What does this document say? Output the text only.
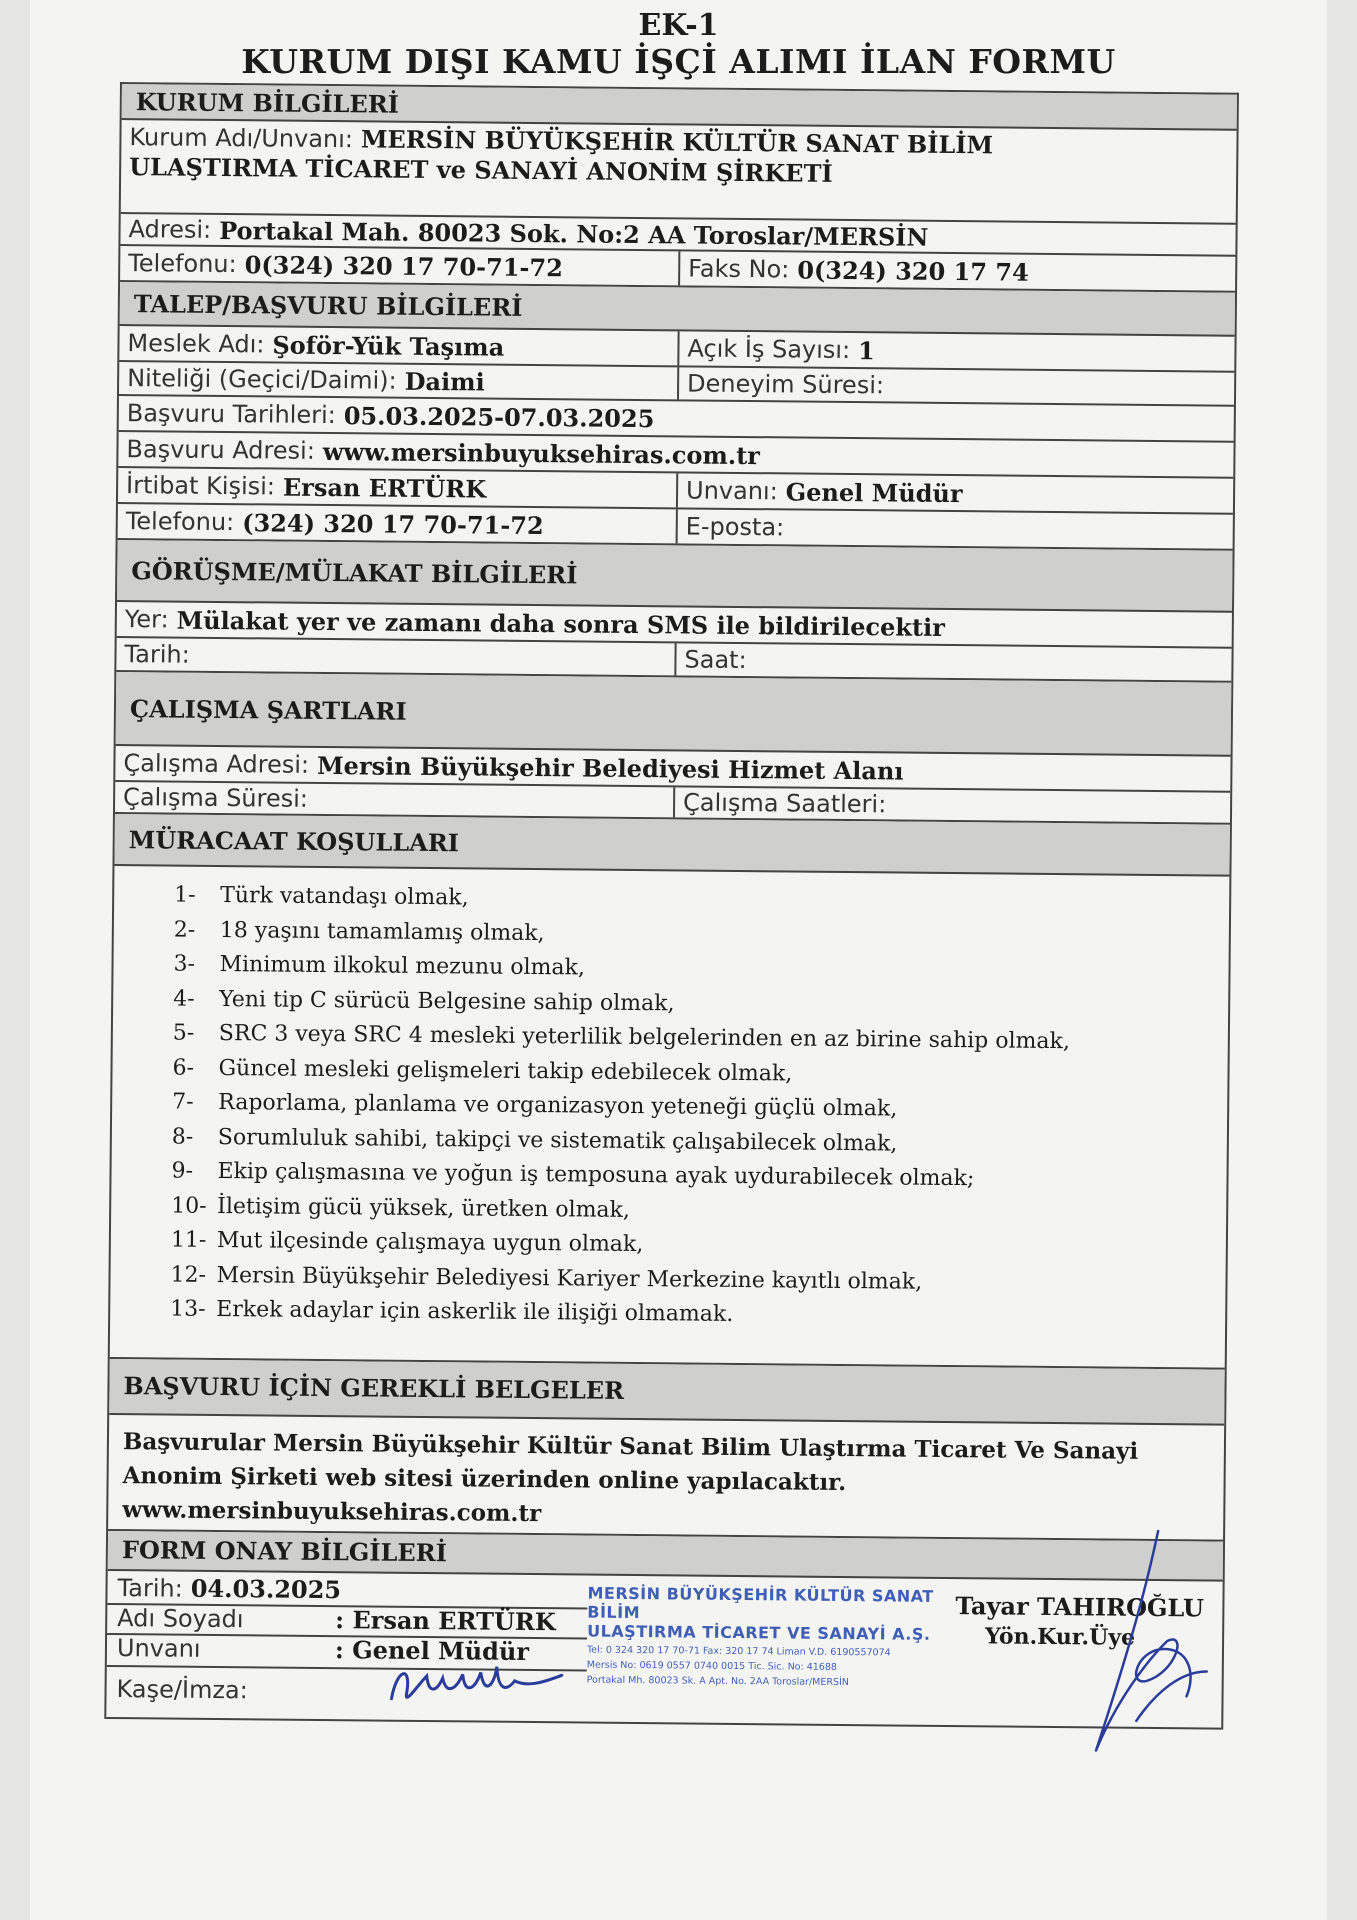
EK-1
KURUM DIŞI KAMU İŞÇİ ALIMI İLAN FORMU
KURUM BİLGİLERİ
Kurum Adı/Unvanı: MERSİN BÜYÜKŞEHİR KÜLTÜR SANAT BİLİM
ULAŞTIRMA TİCARET ve SANAYİ ANONİM ŞİRKETİ
Adresi: Portakal Mah. 80023 Sok. No:2 AA Toroslar/MERSİN
Telefonu: 0(324) 320 17 70-71-72	Faks No: 0(324) 320 17 74
TALEP/BAŞVURU BİLGİLERİ
Meslek Adı: Şoför-Yük Taşıma	Açık İş Sayısı: 1
Niteliği (Geçici/Daimi): Daimi	Deneyim Süresi:
Başvuru Tarihleri: 05.03.2025-07.03.2025
Başvuru Adresi: www.mersinbuyuksehiras.com.tr
İrtibat Kişisi: Ersan ERTÜRK	Unvanı: Genel Müdür
Telefonu: (324) 320 17 70-71-72	E-posta:
GÖRÜŞME/MÜLAKAT BİLGİLERİ
Yer: Mülakat yer ve zamanı daha sonra SMS ile bildirilecektir
Tarih:	Saat:
ÇALIŞMA ŞARTLARI
Çalışma Adresi: Mersin Büyükşehir Belediyesi Hizmet Alanı
Çalışma Süresi:	Çalışma Saatleri:
MÜRACAAT KOŞULLARI
1-	Türk vatandaşı olmak,
2-	18 yaşını tamamlamış olmak,
3-	Minimum ilkokul mezunu olmak,
4-	Yeni tip C sürücü Belgesine sahip olmak,
5-	SRC 3 veya SRC 4 mesleki yeterlilik belgelerinden en az birine sahip olmak,
6-	Güncel mesleki gelişmeleri takip edebilecek olmak,
7-	Raporlama, planlama ve organizasyon yeteneği güçlü olmak,
8-	Sorumluluk sahibi, takipçi ve sistematik çalışabilecek olmak,
9-	Ekip çalışmasına ve yoğun iş temposuna ayak uydurabilecek olmak;
10- İletişim gücü yüksek, üretken olmak,
11- Mut ilçesinde çalışmaya uygun olmak,
12- Mersin Büyükşehir Belediyesi Kariyer Merkezine kayıtlı olmak,
13- Erkek adaylar için askerlik ile ilişiği olmamak.
BAŞVURU İÇİN GEREKLİ BELGELER
Başvurular Mersin Büyükşehir Kültür Sanat Bilim Ulaştırma Ticaret Ve Sanayi Anonim Şirketi web sitesi üzerinden online yapılacaktır.
www.mersinbuyuksehiras.com.tr
FORM ONAY BİLGİLERİ
Tarih: 04.03.2025
Adı Soyadı	: Ersan ERTÜRK
Unvanı	: Genel Müdür
Kaşe/İmza:
MERSİN BÜYÜKŞEHİR KÜLTÜR SANAT BİLİM
ULAŞTIRMA TİCARET VE SANAYİ A.Ş.
Tel: 0 324 320 17 70-71 Fax: 320 17 74 Liman V.D. 6190557074
Mersis No: 0619 0557 0740 0015 Tic. Sic. No: 41688
Portakal Mh. 80023 Sk. A Apt. No. 2AA Toroslar/MERSİN
Tayar TAHIROĞLU
Yön.Kur.Üye
